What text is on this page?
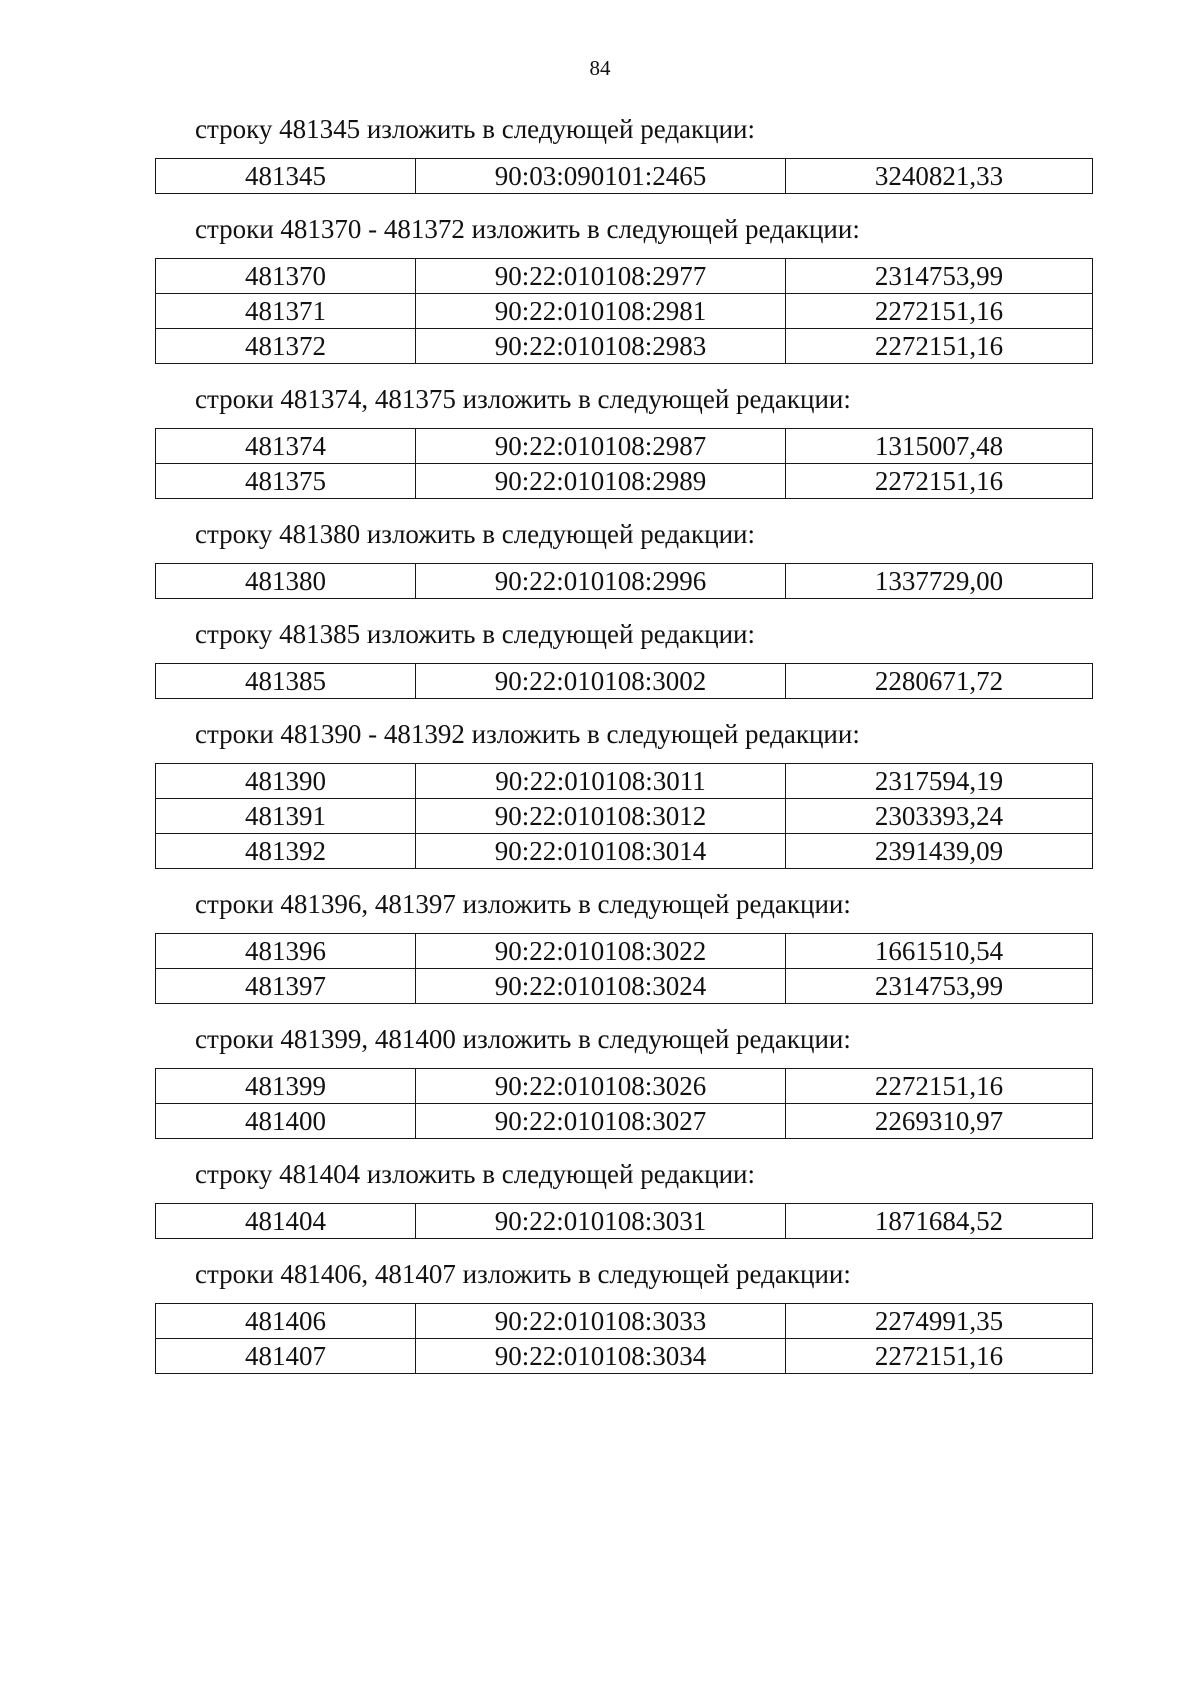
84

строку 481345 изложить в следующей редакции:

481345	90:03:090101:2465	3240821,33

строки 481370 - 481372 изложить в следующей редакции:

481370	90:22:010108:2977	2314753,99
481371	90:22:010108:2981	2272151,16
481372	90:22:010108:2983	2272151,16

строки 481374, 481375 изложить в следующей редакции:

481374	90:22:010108:2987	1315007,48
481375	90:22:010108:2989	2272151,16

строку 481380 изложить в следующей редакции:

481380	90:22:010108:2996	1337729,00

строку 481385 изложить в следующей редакции:

481385	90:22:010108:3002	2280671,72

строки 481390 - 481392 изложить в следующей редакции:

481390	90:22:010108:3011	2317594,19
481391	90:22:010108:3012	2303393,24
481392	90:22:010108:3014	2391439,09

строки 481396, 481397 изложить в следующей редакции:

481396	90:22:010108:3022	1661510,54
481397	90:22:010108:3024	2314753,99

строки 481399, 481400 изложить в следующей редакции:

481399	90:22:010108:3026	2272151,16
481400	90:22:010108:3027	2269310,97

строку 481404 изложить в следующей редакции:

481404	90:22:010108:3031	1871684,52

строки 481406, 481407 изложить в следующей редакции:

481406	90:22:010108:3033	2274991,35
481407	90:22:010108:3034	2272151,16
